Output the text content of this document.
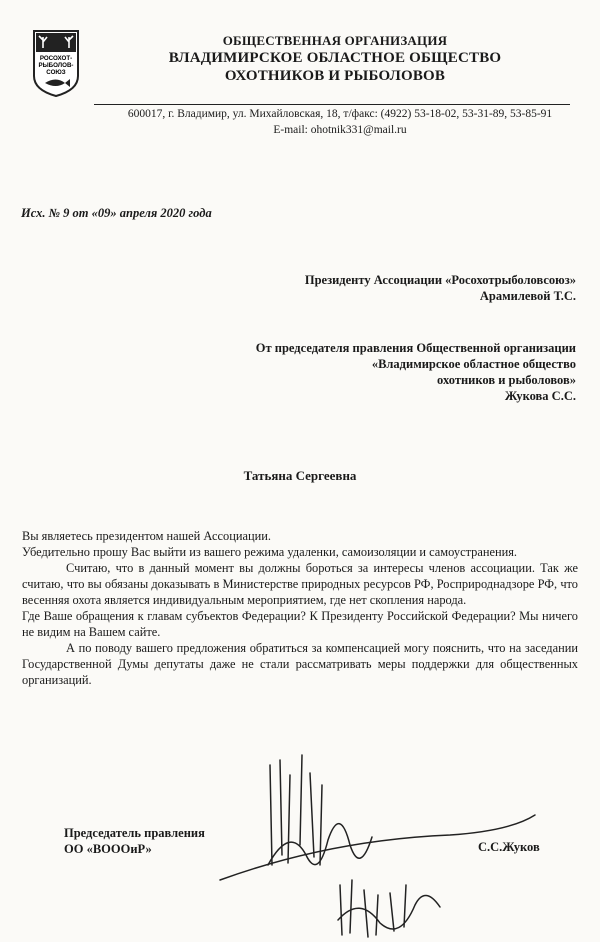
РОСОХОТ-
РЫБОЛОВ-
СОЮЗ
ОБЩЕСТВЕННАЯ ОРГАНИЗАЦИЯ
ВЛАДИМИРСКОЕ ОБЛАСТНОЕ ОБЩЕСТВО
ОХОТНИКОВ И РЫБОЛОВОВ
600017, г. Владимир, ул. Михайловская, 18, т/факс: (4922) 53-18-02, 53-31-89, 53-85-91
E-mail: ohotnik331@mail.ru
Исх. № 9 от «09» апреля 2020 года
Президенту Ассоциации «Росохотрыболовсоюз»
Арамилевой Т.С.
От председателя правления Общественной организации
«Владимирское областное общество
охотников и рыболовов»
Жукова С.С.
Татьяна Сергеевна

Вы являетесь президентом нашей Ассоциации.

Убедительно прошу Вас выйти из вашего режима удаленки, самоизоляции и самоустранения.

Считаю, что в данный момент вы должны бороться за интересы членов ассоциации. Так же считаю, что вы обязаны доказывать в Министерстве природных ресурсов РФ, Росприроднадзоре РФ, что весенняя охота является индивидуальным мероприятием, где нет скопления народа.

Где Ваше обращения к главам субъектов Федерации? К Президенту Российской Федерации? Мы ничего не видим на Вашем сайте.

А по поводу вашего предложения обратиться за компенсацией могу пояснить, что на заседании Государственной Думы депутаты даже не стали рассматривать меры поддержки для общественных организаций.

Председатель правления
ОО «ВОООиР»	С.С.Жуков
